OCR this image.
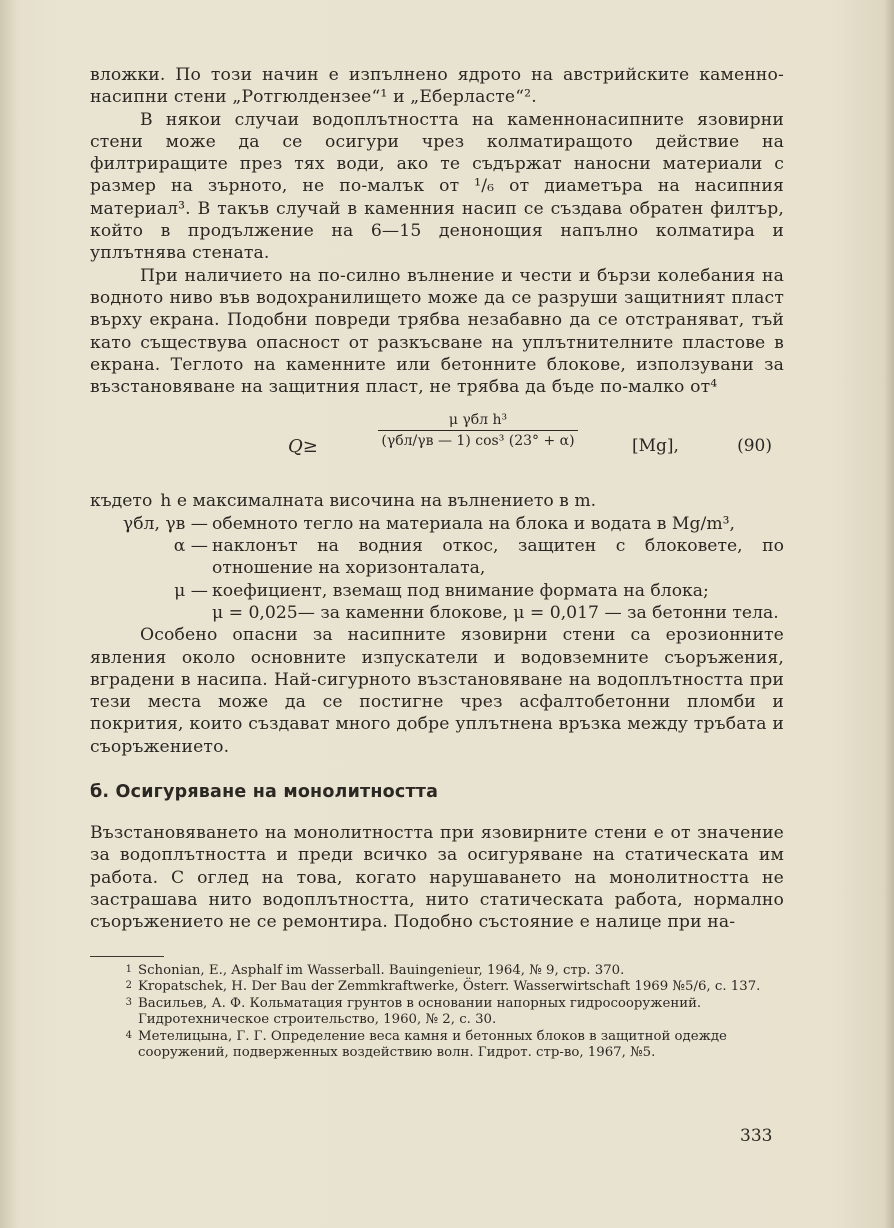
вложки. По този начин е изпълнено ядрото на австрийските каменно-насипни стени „Ротгюлдензее“¹ и „Еберласте“².

В някои случаи водоплътността на каменнонасипните язовирни стени може да се осигури чрез колматиращото действие на филтриращите през тях води, ако те съдържат наносни материали с размер на зърното, не по-малък от ¹/₆ от диаметъра на насипния материал³. В такъв случай в каменния насип се създава обратен филтър, който в продължение на 6—15 денонощия напълно колматира и уплътнява стената.

При наличието на по-силно вълнение и чести и бързи колебания на водното ниво във водохранилището може да се разруши защитният пласт върху екрана. Подобни повреди трябва незабавно да се отстраняват, тъй като съществува опасност от разкъсване на уплътнителните пластове в екрана. Теглото на каменните или бетонните блокове, използувани за възстановяване на защитния пласт, не трябва да бъде по-малко от⁴

Q≥
μ γбл h³
(γбл/γв — 1) cos³ (23° + α)	[Mg],	(90)
където h е максималната височина на вълнението в m.
γбл, γв — обемното тегло на материала на блока и водата в Mg/m³,
α — наклонът на водния откос, защитен с блоковете, по отношение на хоризонталата,
μ — коефициент, вземащ под внимание формата на блока;
μ = 0,025— за каменни блокове, μ = 0,017 — за бетонни тела.

Особено опасни за насипните язовирни стени са ерозионните явления около основните изпускатели и водовземните съоръжения, вградени в насипа. Най-сигурното възстановяване на водоплътността при тези места може да се постигне чрез асфалтобетонни пломби и покрития, които създават много добре уплътнена връзка между тръбата и съоръжението.

б. Осигуряване на монолитността

Възстановяването на монолитността при язовирните стени е от значение за водоплътността и преди всичко за осигуряване на статическата им работа. С оглед на това, когато нарушаването на монолитността не застрашава нито водоплътността, нито статическата работа, нормално съоръжението не се ремонтира. Подобно състояние е налице при на-

1 Schonian, E., Asphalf im Wasserball. Bauingenieur, 1964, № 9, стр. 370.

2 Kropatschek, H. Der Bau der Zemmkraftwerke, Österr. Wasserwirtschaft 1969 №5/6, с. 137.

3 Васильев, А. Ф. Кольматация грунтов в основании напорных гидросооружений. Гидротехническое строительство, 1960, № 2, с. 30.

4 Метелицына, Г. Г. Определение веса камня и бетонных блоков в защитной одежде сооружений, подверженных воздействию волн. Гидрот. стр-во, 1967, №5.

333
